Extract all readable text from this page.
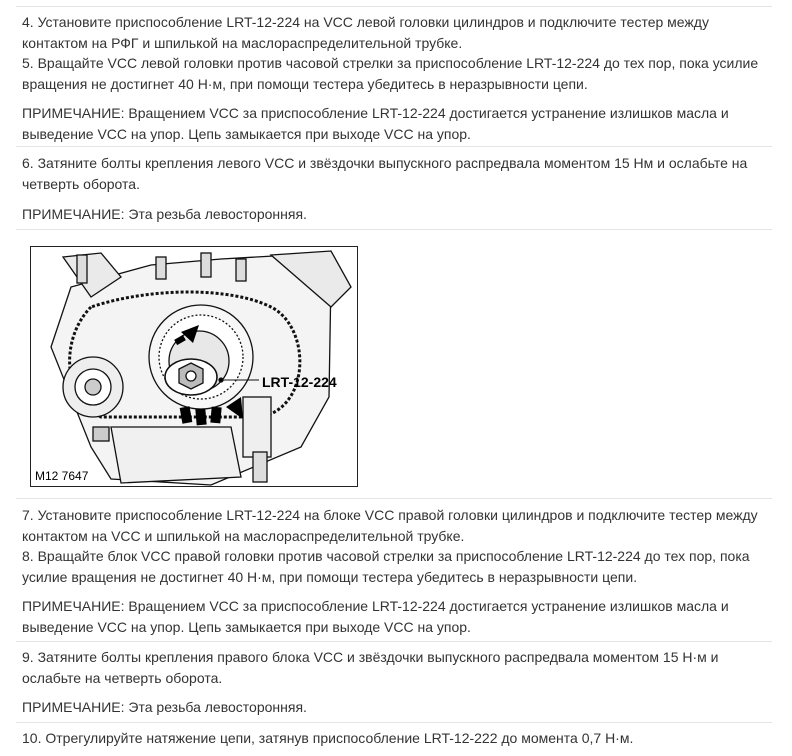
4. Установите приспособление LRT-12-224 на VCC левой головки цилиндров и подключите тестер между контактом на РФГ и шпилькой на маслораспределительной трубке.
5. Вращайте VCC левой головки против часовой стрелки за приспособление LRT-12-224 до тех пор, пока усилие вращения не достигнет 40 Н·м, при помощи тестера убедитесь в неразрывности цепи.
ПРИМЕЧАНИЕ: Вращением VCC за приспособление LRT-12-224 достигается устранение излишков масла и выведение VCC на упор. Цепь замыкается при выходе VCC на упор.
6. Затяните болты крепления левого VCC и звёздочки выпускного распредвала моментом 15 Нм и ослабьте на четверть оборота.
ПРИМЕЧАНИЕ: Эта резьба левосторонняя.
LRT-12-224
M12 7647
7. Установите приспособление LRT-12-224 на блоке VCC правой головки цилиндров и подключите тестер между контактом на VCC и шпилькой на маслораспределительной трубке.
8. Вращайте блок VCC правой головки против часовой стрелки за приспособление LRT-12-224 до тех пор, пока усилие вращения не достигнет 40 Н·м, при помощи тестера убедитесь в неразрывности цепи.
ПРИМЕЧАНИЕ: Вращением VCC за приспособление LRT-12-224 достигается устранение излишков масла и выведение VCC на упор. Цепь замыкается при выходе VCC на упор.
9. Затяните болты крепления правого блока VCC и звёздочки выпускного распредвала моментом 15 Н·м и ослабьте на четверть оборота.
ПРИМЕЧАНИЕ: Эта резьба левосторонняя.
10. Отрегулируйте натяжение цепи, затянув приспособление LRT-12-222 до момента 0,7 Н·м.
